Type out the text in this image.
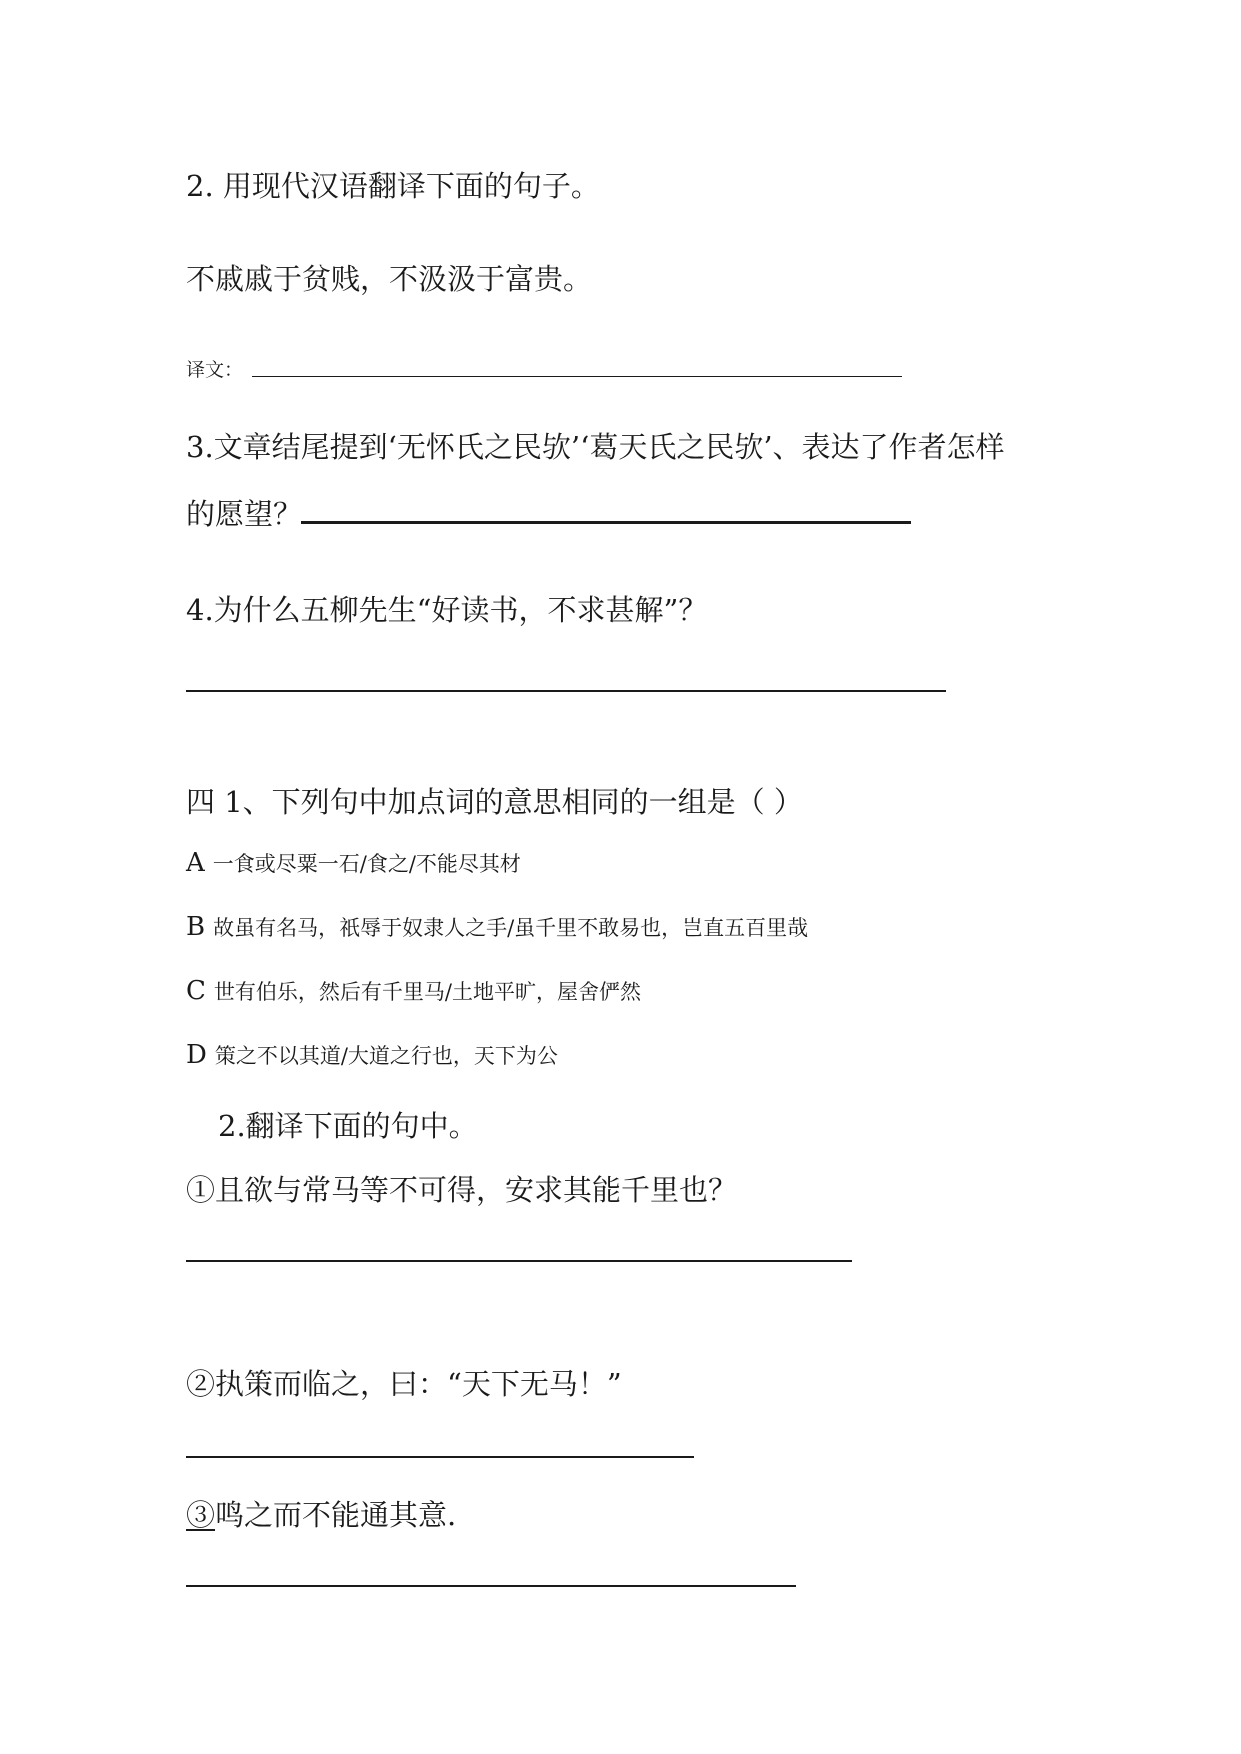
2. 用现代汉语翻译下面的句子。
不戚戚于贫贱，不汲汲于富贵。
译文：
3.文章结尾提到‘无怀氏之民欤’‘葛天氏之民欤’、表达了作者怎样
的愿望？
4.为什么五柳先生“好读书，不求甚解”？
四 1、下列句中加点词的意思相同的一组是（ ）
A 一食或尽粟一石/食之/不能尽其材
B 故虽有名马，祇辱于奴隶人之手/虽千里不敢易也，岂直五百里哉
C 世有伯乐，然后有千里马/土地平旷，屋舍俨然
D 策之不以其道/大道之行也，天下为公
2.翻译下面的句中。
①且欲与常马等不可得，安求其能千里也？
②执策而临之，曰：“天下无马！”
③鸣之而不能通其意.
